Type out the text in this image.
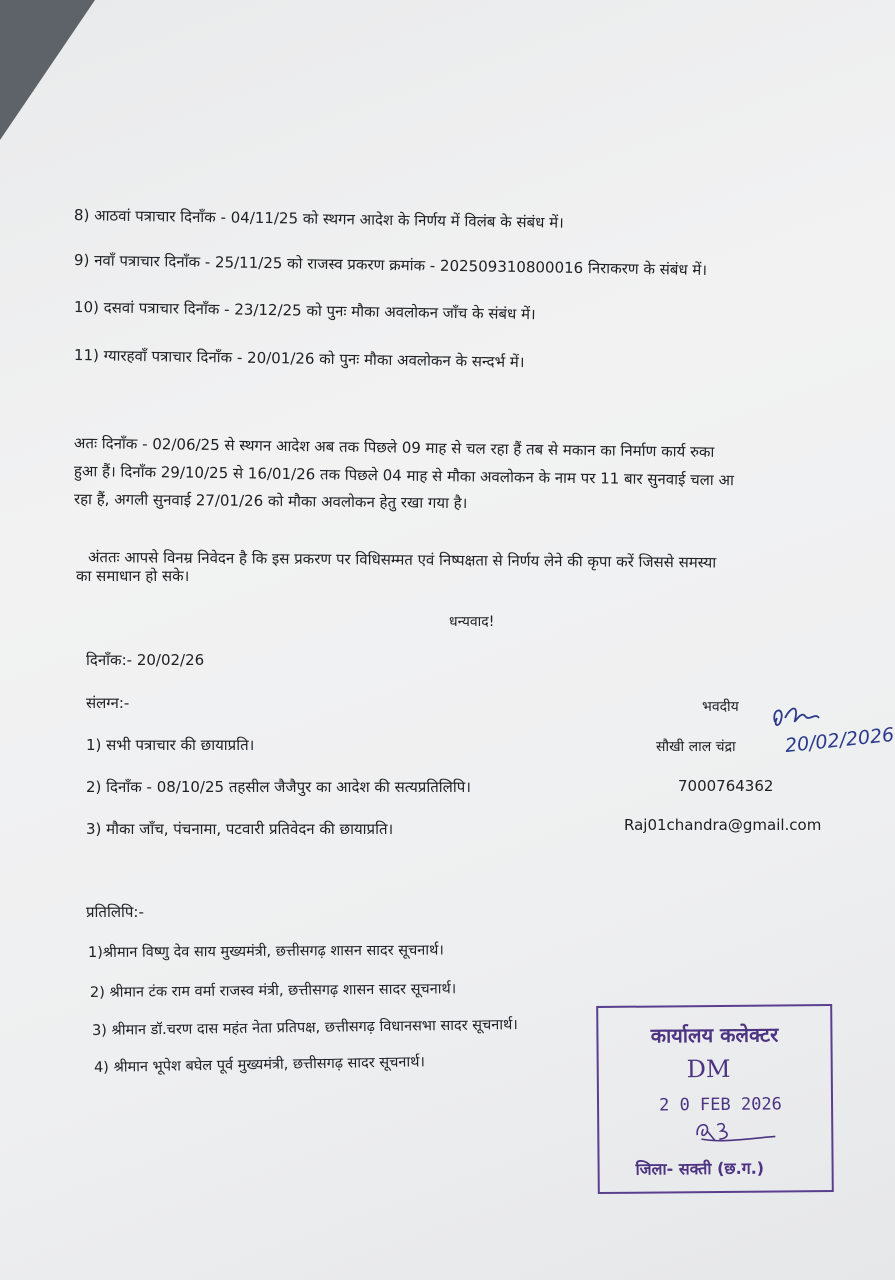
8) आठवां पत्राचार दिनाँक - 04/11/25 को स्थगन आदेश के निर्णय में विलंब के संबंध में।
9) नवाँ पत्राचार दिनाँक - 25/11/25 को राजस्व प्रकरण क्रमांक - 202509310800016 निराकरण के संबंध में।
10) दसवां पत्राचार दिनाँक - 23/12/25 को पुनः मौका अवलोकन जाँच के संबंध में।
11) ग्यारहवाँ पत्राचार दिनाँक - 20/01/26 को पुनः मौका अवलोकन के सन्दर्भ में।
अतः दिनाँक - 02/06/25 से स्थगन आदेश अब तक पिछले 09 माह से चल रहा हैं तब से मकान का निर्माण कार्य रुका
हुआ हैं। दिनाँक 29/10/25 से 16/01/26 तक पिछले 04 माह से मौका अवलोकन के नाम पर 11 बार सुनवाई चला आ
रहा हैं, अगली सुनवाई 27/01/26 को मौका अवलोकन हेतु रखा गया है।
अंततः आपसे विनम्र निवेदन है कि इस प्रकरण पर विधिसम्मत एवं निष्पक्षता से निर्णय लेने की कृपा करें जिससे समस्या
का समाधान हो सके।
धन्यवाद!
दिनाँक:- 20/02/26
संलग्न:-
1) सभी पत्राचार की छायाप्रति।
2) दिनाँक - 08/10/25 तहसील जैजैपुर का आदेश की सत्यप्रतिलिपि।
3) मौका जाँच, पंचनामा, पटवारी प्रतिवेदन की छायाप्रति।
भवदीय
सौखी लाल चंद्रा
7000764362
Raj01chandra@gmail.com
20/02/2026
प्रतिलिपि:-
1)श्रीमान विष्णु देव साय मुख्यमंत्री, छत्तीसगढ़ शासन सादर सूचनार्थ।
2) श्रीमान टंक राम वर्मा राजस्व मंत्री, छत्तीसगढ़ शासन सादर सूचनार्थ।
3) श्रीमान डॉ.चरण दास महंत नेता प्रतिपक्ष, छत्तीसगढ़ विधानसभा सादर सूचनार्थ।
4) श्रीमान भूपेश बघेल पूर्व मुख्यमंत्री, छत्तीसगढ़ सादर सूचनार्थ।
कार्यालय कलेक्टर
DM
2 0 FEB 2026
जिला- सक्ती (छ.ग.)
